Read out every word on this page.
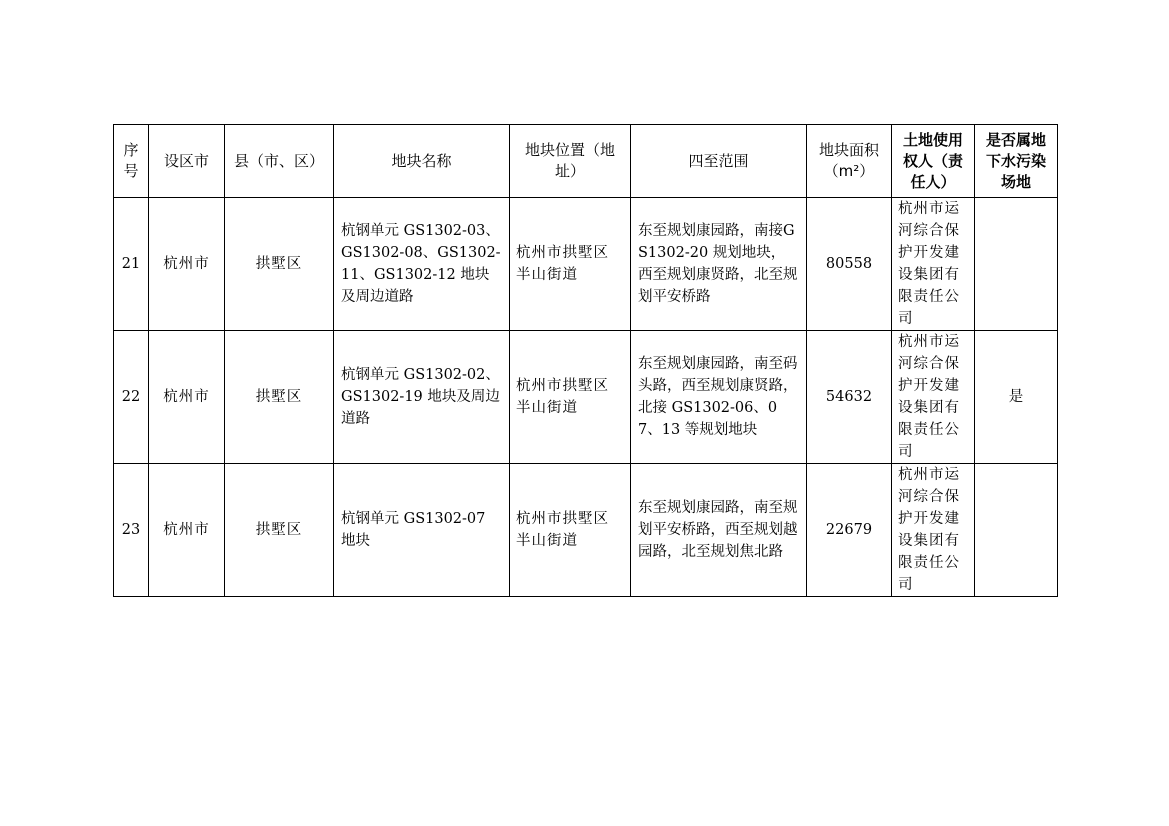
序号	设区市	县（市、区）	地块名称	地块位置（地址）	四至范围	地块面积（m²）	土地使用权人（责任人）	是否属地下水污染场地
21	杭州市	拱墅区	杭钢单元 GS1302-03、GS1302-08、GS1302-11、GS1302-12 地块及周边道路	杭州市拱墅区半山街道	东至规划康园路，南接GS1302-20 规划地块，西至规划康贤路，北至规划平安桥路	80558	杭州市运河综合保护开发建设集团有限责任公司	
22	杭州市	拱墅区	杭钢单元 GS1302-02、GS1302-19 地块及周边道路	杭州市拱墅区半山街道	东至规划康园路，南至码头路，西至规划康贤路，北接 GS1302-06、07、13 等规划地块	54632	杭州市运河综合保护开发建设集团有限责任公司	是
23	杭州市	拱墅区	杭钢单元 GS1302-07 地块	杭州市拱墅区半山街道	东至规划康园路，南至规划平安桥路，西至规划越园路，北至规划焦北路	22679	杭州市运河综合保护开发建设集团有限责任公司	
